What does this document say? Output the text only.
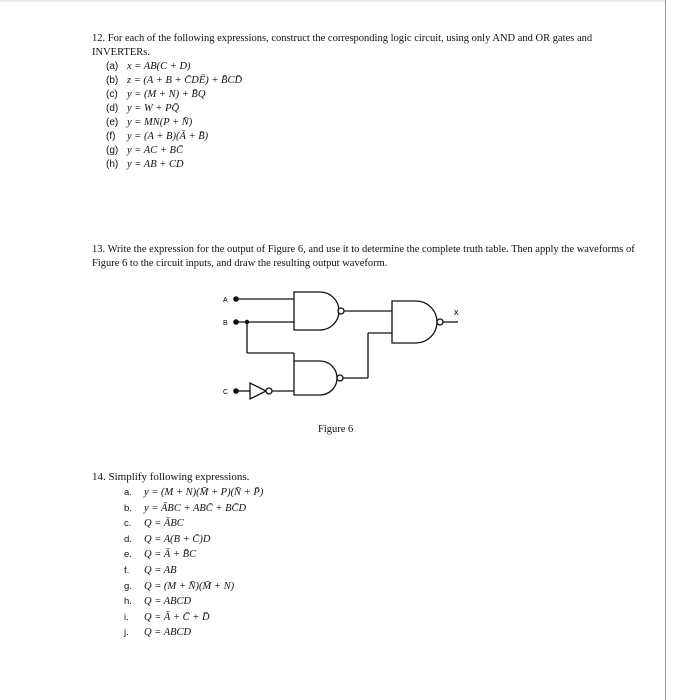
12. For each of the following expressions, construct the corresponding logic circuit, using only AND and OR gates and INVERTERs.
(a) x = AB(C + D)
(b) z = (A + B + C̄DĒ) + B̄CD̄
(c) y = (M + N) + B̄Q
(d) y = W + PQ̄
(e) y = MN(P + N̄)
(f)	y = (A + B)(Ā + B̄)
(g) y = AC + BC̄
(h) y = AB + CD
13. Write the expression for the output of Figure 6, and use it to determine the complete truth table. Then apply the waveforms of Figure 6 to the circuit inputs, and draw the resulting output waveform.
A
B
C
x
Figure 6
14. Simplify following expressions.
a.	y = (M + N)(M̄ + P)(N̄ + P̄)
b.	y = ĀBC + ABC̄ + BC̄D
c.	Q = ĀBC
d.	Q = A(B + C̄)D
e.	Q = Ā + B̄C
f.	Q = AB
g.	Q = (M + N̄)(M̄ + N)
h.	Q = ABCD
i.	Q = Ā + C̄ + D̄
j.	Q = ABCD
